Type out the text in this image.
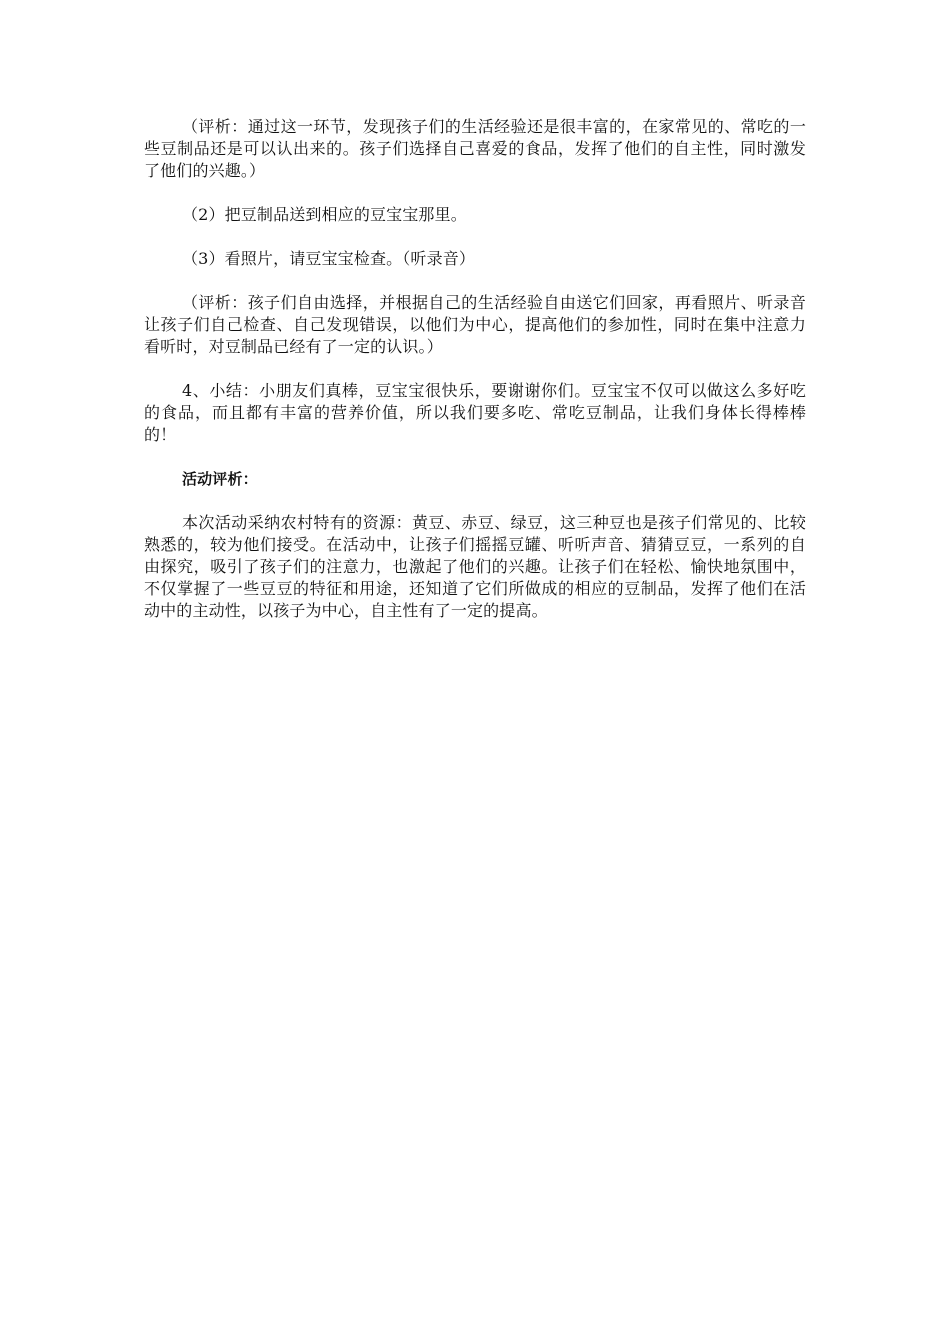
（评析：通过这一环节，发现孩子们的生活经验还是很丰富的，在家常见的、常吃的一些豆制品还是可以认出来的。孩子们选择自己喜爱的食品，发挥了他们的自主性，同时激发了他们的兴趣。）

（2）把豆制品送到相应的豆宝宝那里。

（3）看照片，请豆宝宝检查。（听录音）

（评析：孩子们自由选择，并根据自己的生活经验自由送它们回家，再看照片、听录音让孩子们自己检查、自己发现错误，以他们为中心，提高他们的参加性，同时在集中注意力看听时，对豆制品已经有了一定的认识。）

4、小结：小朋友们真棒，豆宝宝很快乐，要谢谢你们。豆宝宝不仅可以做这么多好吃的食品，而且都有丰富的营养价值，所以我们要多吃、常吃豆制品，让我们身体长得棒棒的！

活动评析：

本次活动采纳农村特有的资源：黄豆、赤豆、绿豆，这三种豆也是孩子们常见的、比较熟悉的，较为他们接受。在活动中，让孩子们摇摇豆罐、听听声音、猜猜豆豆，一系列的自由探究，吸引了孩子们的注意力，也激起了他们的兴趣。让孩子们在轻松、愉快地氛围中，不仅掌握了一些豆豆的特征和用途，还知道了它们所做成的相应的豆制品，发挥了他们在活动中的主动性，以孩子为中心，自主性有了一定的提高。
